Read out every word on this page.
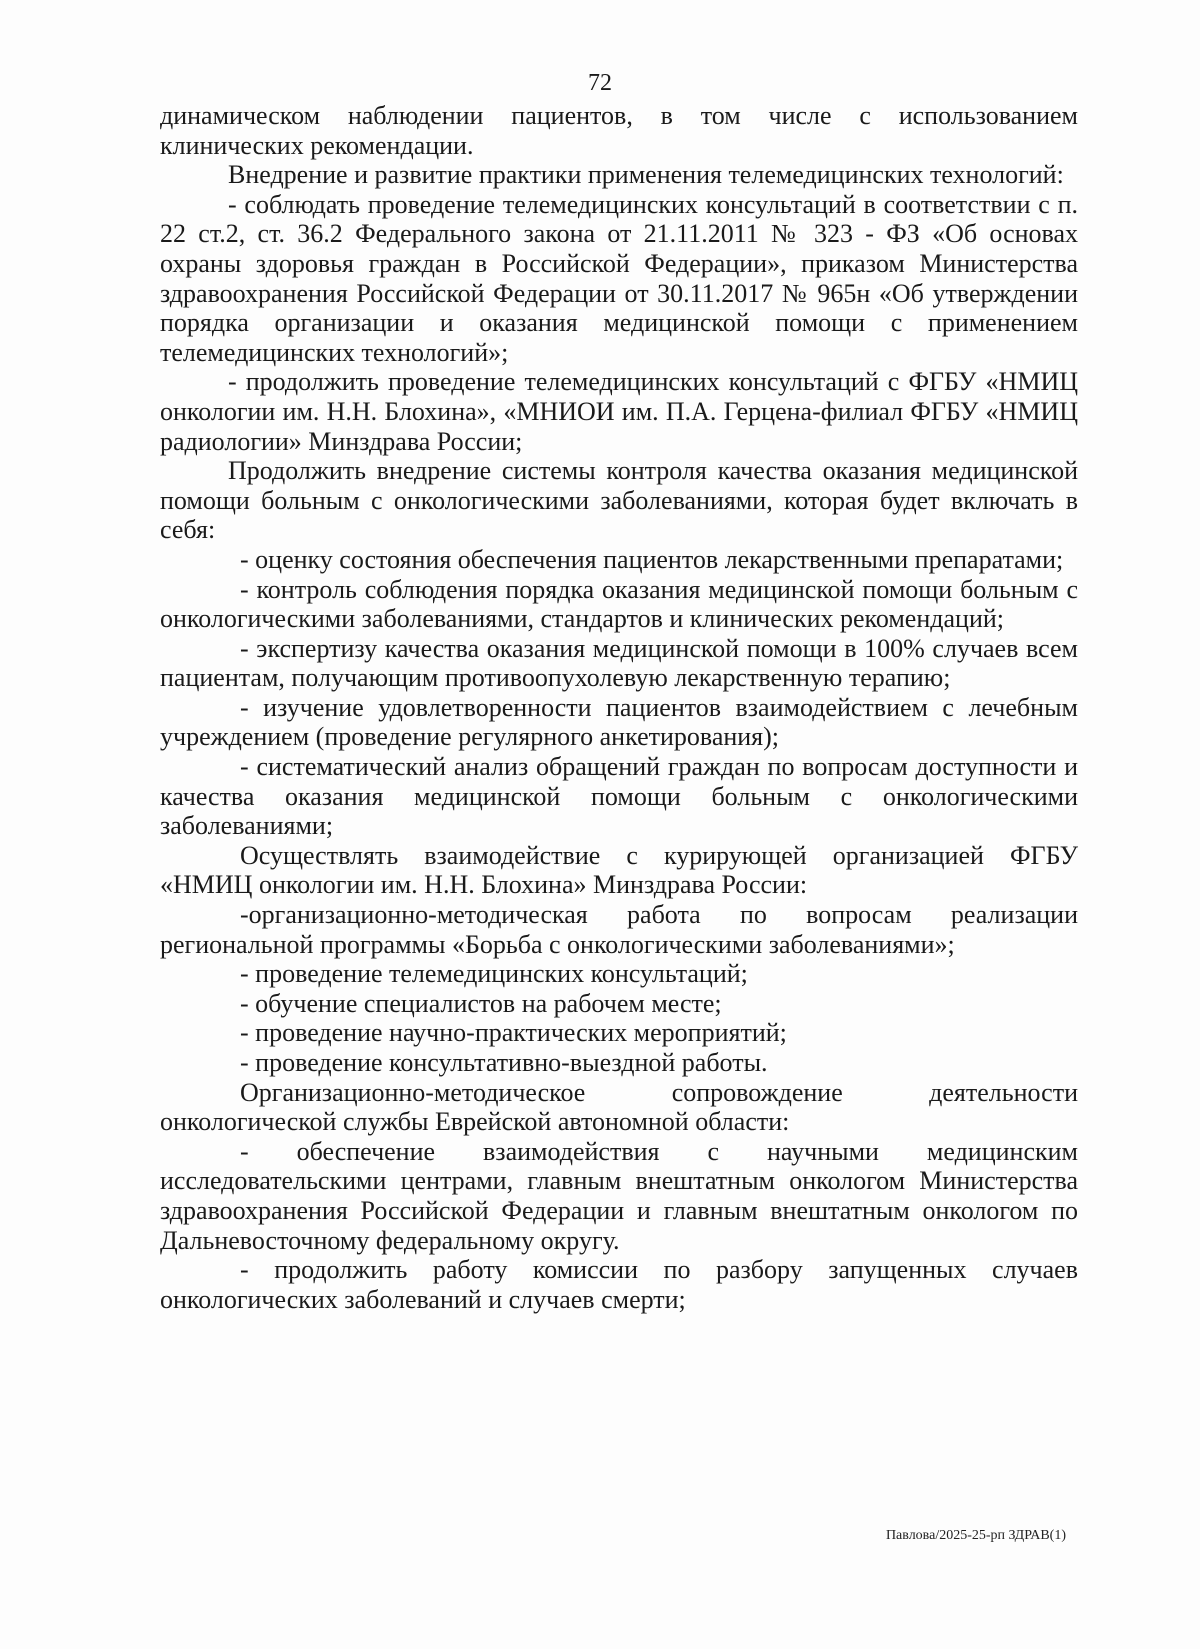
72

динамическом наблюдении пациентов, в том числе с использованием клинических рекомендации.

Внедрение и развитие практики применения телемедицинских технологий:

- соблюдать проведение телемедицинских консультаций в соответствии с п. 22 ст.2, ст. 36.2 Федерального закона от 21.11.2011 № 323 - ФЗ «Об основах охраны здоровья граждан в Российской Федерации», приказом Министерства здравоохранения Российской Федерации от 30.11.2017 № 965н «Об утверждении порядка организации и оказания медицинской помощи с применением телемедицинских технологий»;

- продолжить проведение телемедицинских консультаций с ФГБУ «НМИЦ онкологии им. Н.Н. Блохина», «МНИОИ им. П.А. Герцена-филиал ФГБУ «НМИЦ радиологии» Минздрава России;

Продолжить внедрение системы контроля качества оказания медицинской помощи больным с онкологическими заболеваниями, которая будет включать в себя:

- оценку состояния обеспечения пациентов лекарственными препаратами;

- контроль соблюдения порядка оказания медицинской помощи больным с онкологическими заболеваниями, стандартов и клинических рекомендаций;

- экспертизу качества оказания медицинской помощи в 100% случаев всем пациентам, получающим противоопухолевую лекарственную терапию;

- изучение удовлетворенности пациентов взаимодействием с лечебным учреждением (проведение регулярного анкетирования);

- систематический анализ обращений граждан по вопросам доступности и качества оказания медицинской помощи больным с онкологическими заболеваниями;

Осуществлять взаимодействие с курирующей организацией ФГБУ «НМИЦ онкологии им. Н.Н. Блохина» Минздрава России:

-организационно-методическая работа по вопросам реализации региональной программы «Борьба с онкологическими заболеваниями»;

- проведение телемедицинских консультаций;

- обучение специалистов на рабочем месте;

- проведение научно-практических мероприятий;

- проведение консультативно-выездной работы.

Организационно-методическое сопровождение деятельности онкологической службы Еврейской автономной области:

- обеспечение взаимодействия с научными медицинским исследовательскими центрами, главным внештатным онкологом Министерства здравоохранения Российской Федерации и главным внештатным онкологом по Дальневосточному федеральному округу.

- продолжить работу комиссии по разбору запущенных случаев онкологических заболеваний и случаев смерти;

Павлова/2025-25-рп ЗДРАВ(1)
